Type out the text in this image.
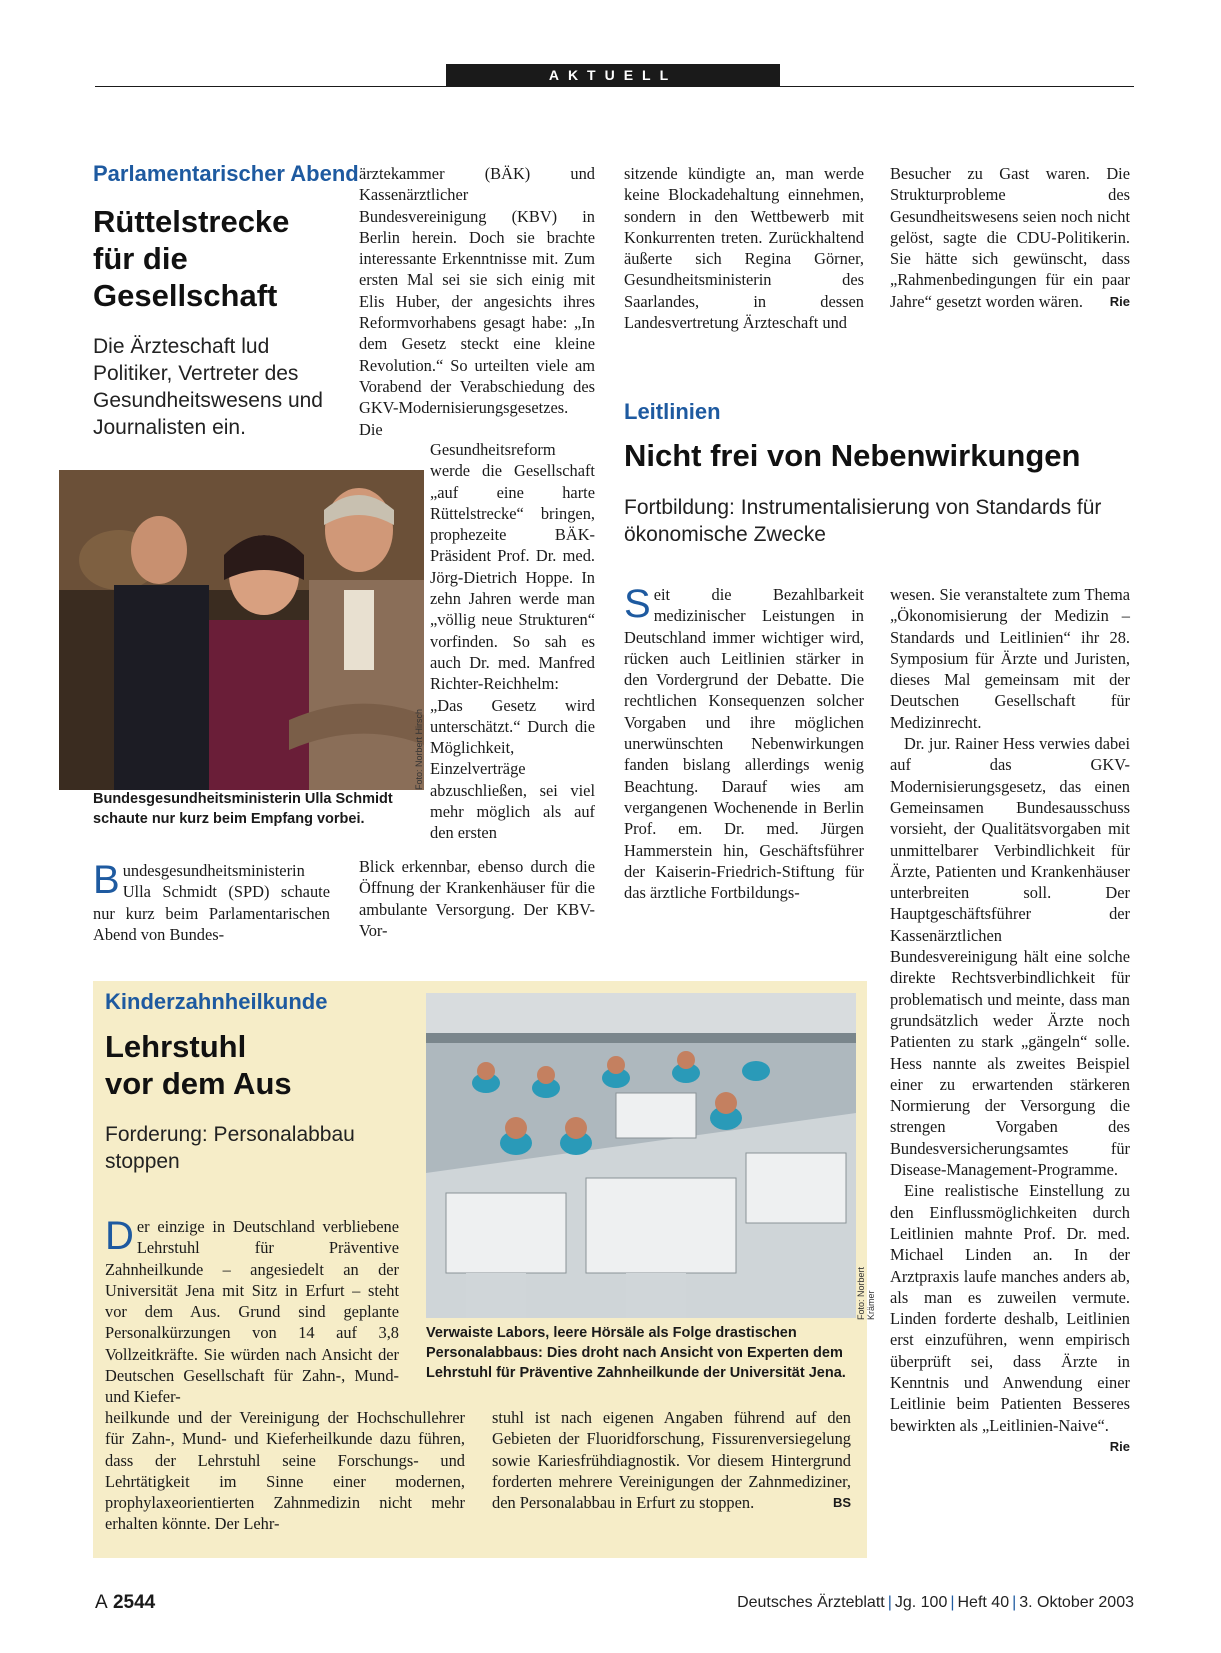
AKTUELL
Parlamentarischer Abend
Rüttelstrecke
für die
Gesellschaft
Die Ärzteschaft lud Politiker, Vertreter des Gesundheitswesens und Journalisten ein.
Foto: Norbert Hirsch
Bundesgesundheitsministerin Ulla Schmidt schaute nur kurz beim Empfang vorbei.
B undesgesundheitsministerin Ulla Schmidt (SPD) schaute nur kurz beim Parlamentarischen Abend von Bundes-
ärztekammer (BÄK) und Kassenärztlicher Bundesvereinigung (KBV) in Berlin herein. Doch sie brachte interessante Erkenntnisse mit. Zum ersten Mal sei sie sich einig mit Elis Huber, der angesichts ihres Reformvorhabens gesagt habe: „In dem Gesetz steckt eine kleine Revolution.“ So urteilten viele am Vorabend der Verabschiedung des GKV-Modernisierungsgesetzes. Die
Gesundheitsreform werde die Gesellschaft „auf eine harte Rüttelstrecke“ bringen, prophezeite BÄK-Präsident Prof. Dr. med. Jörg-Dietrich Hoppe. In zehn Jahren werde man „völlig neue Strukturen“ vorfinden. So sah es auch Dr. med. Manfred Richter-Reichhelm: „Das Gesetz wird unterschätzt.“ Durch die Möglichkeit, Einzelverträge abzuschließen, sei viel mehr möglich als auf den ersten
Blick erkennbar, ebenso durch die Öffnung der Krankenhäuser für die ambulante Versorgung. Der KBV-Vor-
sitzende kündigte an, man werde keine Blockadehaltung einnehmen, sondern in den Wettbewerb mit Konkurrenten treten. Zurückhaltend äußerte sich Regina Görner, Gesundheitsministerin des Saarlandes, in dessen Landesvertretung Ärzteschaft und
Besucher zu Gast waren. Die Strukturprobleme des Gesundheitswesens seien noch nicht gelöst, sagte die CDU-Politikerin. Sie hätte sich gewünscht, dass „Rahmenbedingungen für ein paar Jahre“ gesetzt worden wären. Rie
Leitlinien
Nicht frei von Nebenwirkungen
Fortbildung: Instrumentalisierung von Standards für ökonomische Zwecke
S eit die Bezahlbarkeit medizinischer Leistungen in Deutschland immer wichtiger wird, rücken auch Leitlinien stärker in den Vordergrund der Debatte. Die rechtlichen Konsequenzen solcher Vorgaben und ihre möglichen unerwünschten Nebenwirkungen fanden bislang allerdings wenig Beachtung. Darauf wies am vergangenen Wochenende in Berlin Prof. em. Dr. med. Jürgen Hammerstein hin, Geschäftsführer der Kaiserin-Friedrich-Stiftung für das ärztliche Fortbildungs-

wesen. Sie veranstaltete zum Thema „Ökonomisierung der Medizin – Standards und Leitlinien“ ihr 28. Symposium für Ärzte und Juristen, dieses Mal gemeinsam mit der Deutschen Gesellschaft für Medizinrecht.

Dr. jur. Rainer Hess verwies dabei auf das GKV-Modernisierungsgesetz, das einen Gemeinsamen Bundesausschuss vorsieht, der Qualitätsvorgaben mit unmittelbarer Verbindlichkeit für Ärzte, Patienten und Krankenhäuser unterbreiten soll. Der Hauptgeschäftsführer der Kassenärztlichen Bundesvereinigung hält eine solche direkte Rechtsverbindlichkeit für problematisch und meinte, dass man grundsätzlich weder Ärzte noch Patienten zu stark „gängeln“ solle. Hess nannte als zweites Beispiel einer zu erwartenden stärkeren Normierung der Versorgung die strengen Vorgaben des Bundesversicherungsamtes für Disease-Management-Programme.

Eine realistische Einstellung zu den Einflussmöglichkeiten durch Leitlinien mahnte Prof. Dr. med. Michael Linden an. In der Arztpraxis laufe manches anders ab, als man es zuweilen vermute. Linden forderte deshalb, Leitlinien erst einzuführen, wenn empirisch überprüft sei, dass Ärzte in Kenntnis und Anwendung einer Leitlinie beim Patienten Besseres bewirkten als „Leitlinien-Naive“.
Rie

Kinderzahnheilkunde
Lehrstuhl
vor dem Aus
Forderung: Personalabbau stoppen
Foto: Norbert Krämer
Verwaiste Labors, leere Hörsäle als Folge drastischen Personalabbaus: Dies droht nach Ansicht von Experten dem Lehrstuhl für Präventive Zahnheilkunde der Universität Jena.
D er einzige in Deutschland verbliebene Lehrstuhl für Präventive Zahnheilkunde – angesiedelt an der Universität Jena mit Sitz in Erfurt – steht vor dem Aus. Grund sind geplante Personalkürzungen von 14 auf 3,8 Vollzeitkräfte. Sie würden nach Ansicht der Deutschen Gesellschaft für Zahn-, Mund- und Kiefer-
heilkunde und der Vereinigung der Hochschullehrer für Zahn-, Mund- und Kieferheilkunde dazu führen, dass der Lehrstuhl seine Forschungs- und Lehrtätigkeit im Sinne einer modernen, prophylaxeorientierten Zahnmedizin nicht mehr erhalten könnte. Der Lehr-
stuhl ist nach eigenen Angaben führend auf den Gebieten der Fluoridforschung, Fissurenversiegelung sowie Kariesfrühdiagnostik. Vor diesem Hintergrund forderten mehrere Vereinigungen der Zahnmediziner, den Personalabbau in Erfurt zu stoppen.	BS
A 2544	Deutsches Ärzteblatt | Jg. 100 | Heft 40 | 3. Oktober 2003
